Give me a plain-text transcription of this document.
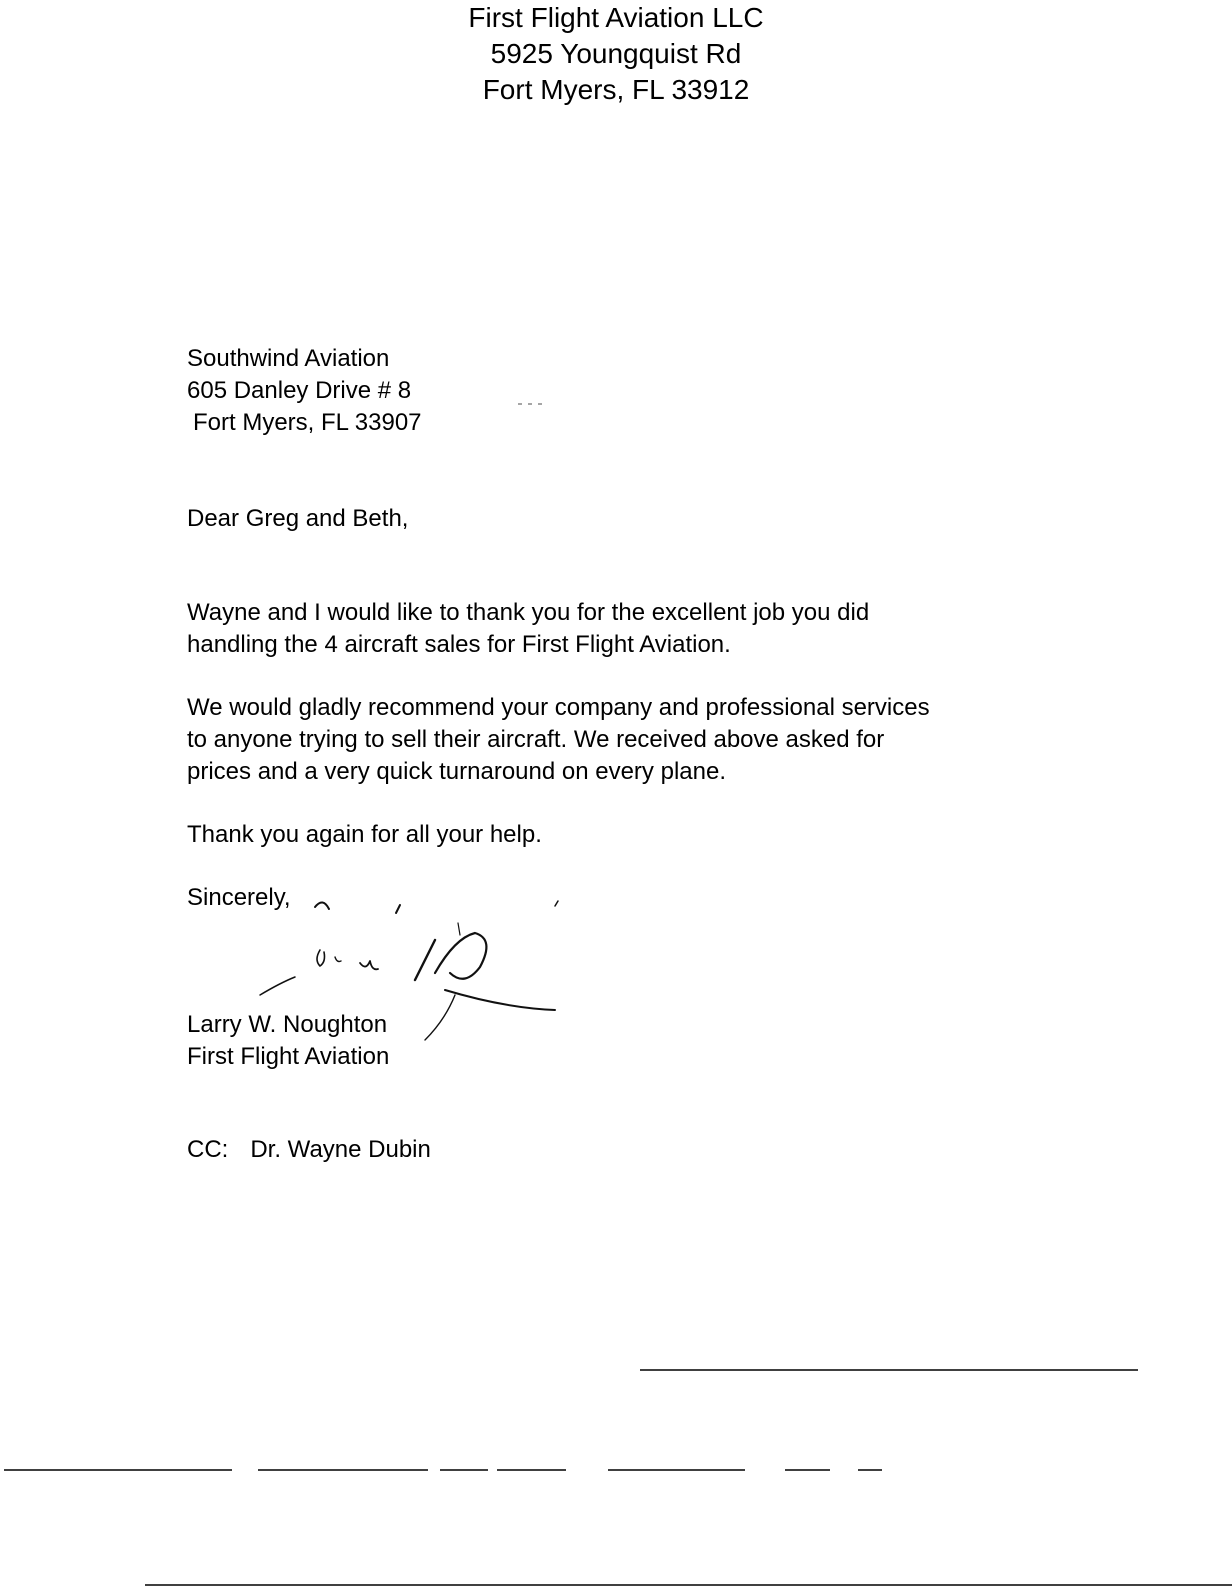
First Flight Aviation LLC
5925 Youngquist Rd
Fort Myers, FL 33912
Southwind Aviation
605 Danley Drive # 8
Fort Myers, FL 33907
Dear Greg and Beth,
Wayne and I would like to thank you for the excellent job you did
handling the 4 aircraft sales for First Flight Aviation.
We would gladly recommend your company and professional services
to anyone trying to sell their aircraft. We received above asked for
prices and a very quick turnaround on every plane.
Thank you again for all your help.
Sincerely,
Larry W. Noughton
First Flight Aviation
CC: Dr. Wayne Dubin
